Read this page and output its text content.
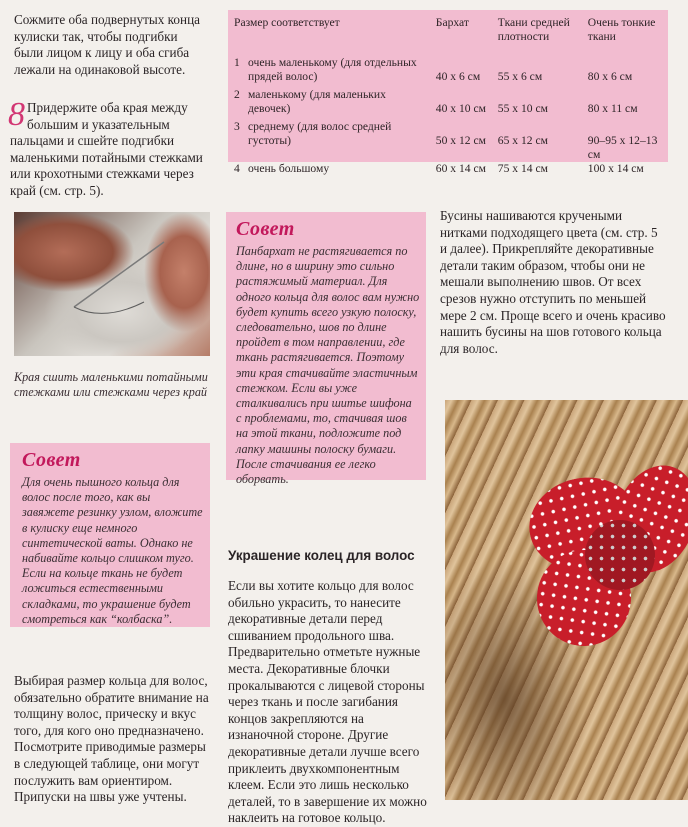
Сожмите оба подвернутых конца кулиски так, чтобы подгибки были лицом к лицу и оба сгиба лежали на одинаковой высоте.
8 Придержите оба края между большим и указательным пальцами и сшейте подгибки маленькими потайными стежками или крохотными стежками через край (см. стр. 5).
Размер соответствует		Бархат	Ткани средней плотности	Очень тонкие ткани
1	очень маленькому (для отдельных прядей волос)	40 x 6 см	55 x 6 см	80 x 6 см
2	маленькому (для маленьких девочек)	40 x 10 см	55 x 10 см	80 x 11 см
3	среднему (для волос средней густоты)	50 x 12 см	65 x 12 см	90–95 x 12–13 см
4	очень большому	60 x 14 см	75 x 14 см	100 x 14 см
Края сшить маленькими потайными стежками или стежками через край
Совет
Для очень пышного кольца для волос после того, как вы завяжете резинку узлом, вложите в кулиску еще немного синтетической ваты. Однако не набивайте кольцо слишком туго. Если на кольце ткань не будет ложиться естественными складками, то украшение будет смотреться как “колбаска”.
Выбирая размер кольца для волос, обязательно обратите внимание на толщину волос, прическу и вкус того, для кого оно предназначено. Посмотрите приводимые размеры в следующей таблице, они могут послужить вам ориентиром. Припуски на швы уже учтены.
Совет
Панбархат не растягивается по длине, но в ширину это сильно растяжимый материал. Для одного кольца для волос вам нужно будет купить всего узкую полоску, следовательно, шов по длине пройдет в том направлении, где ткань растягивается. Поэтому эти края стачивайте эластичным стежком. Если вы уже сталкивались при шитье шифона с проблемами, то, стачивая шов на этой ткани, подложите под лапку машины полоску бумаги. После стачивания ее легко оборвать.
Украшение колец для волос
Если вы хотите кольцо для волос обильно украсить, то нанесите декоративные детали перед сшиванием продольного шва. Предварительно отметьте нужные места. Декоративные блочки прокалываются с лицевой стороны через ткань и после загибания концов закрепляются на изнаночной стороне. Другие декоративные детали лучше всего приклеить двухкомпонентным клеем. Если это лишь несколько деталей, то в завершение их можно наклеить на готовое кольцо.
Бусины нашиваются кручеными нитками подходящего цвета (см. стр. 5 и далее). Прикрепляйте декоративные детали таким образом, чтобы они не мешали выполнению швов. От всех срезов нужно отступить по меньшей мере 2 см. Проще всего и очень красиво нашить бусины на шов готового кольца для волос.
